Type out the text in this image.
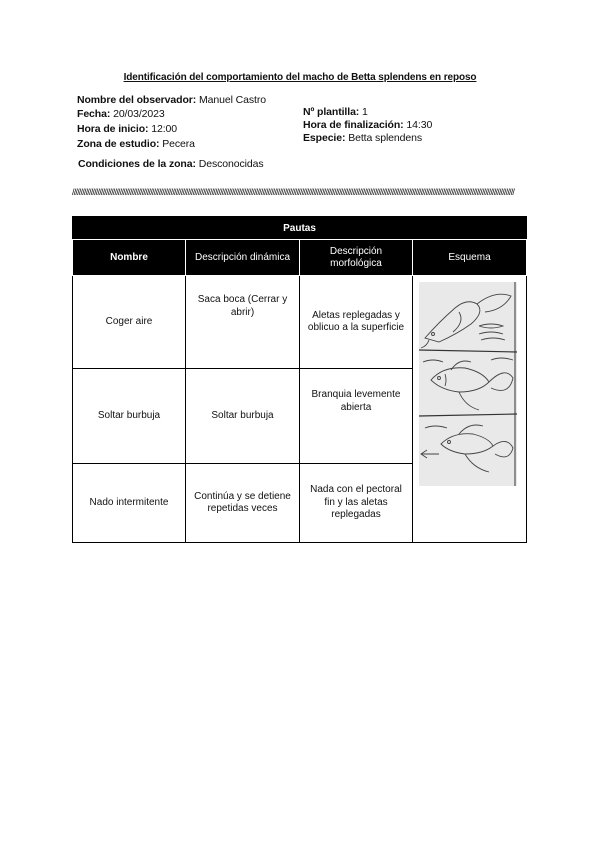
Identificación del comportamiento del macho de Betta splendens en reposo
Nombre del observador: Manuel Castro
Fecha: 20/03/2023
Hora de inicio: 12:00
Zona de estudio: Pecera
Nº plantilla: 1
Hora de finalización: 14:30
Especie: Betta splendens
Condiciones de la zona: Desconocidas
////////////////////////////////////////////////////////////////////////////////////////////////////////////////////////////////////////////////////////////////////////////////////////////////////////////////////////////////////////////////////////////////////
Pautas			
Nombre	Descripción dinámica	Descripción morfológica	Esquema
Coger aire	Saca boca (Cerrar y abrir)	Aletas replegadas y oblicuo a la superficie	

Soltar burbuja	Soltar burbuja	Branquia levemente abierta	
Nado intermitente	Continúa y se detiene repetidas veces	Nada con el pectoral fin y las aletas replegadas	
